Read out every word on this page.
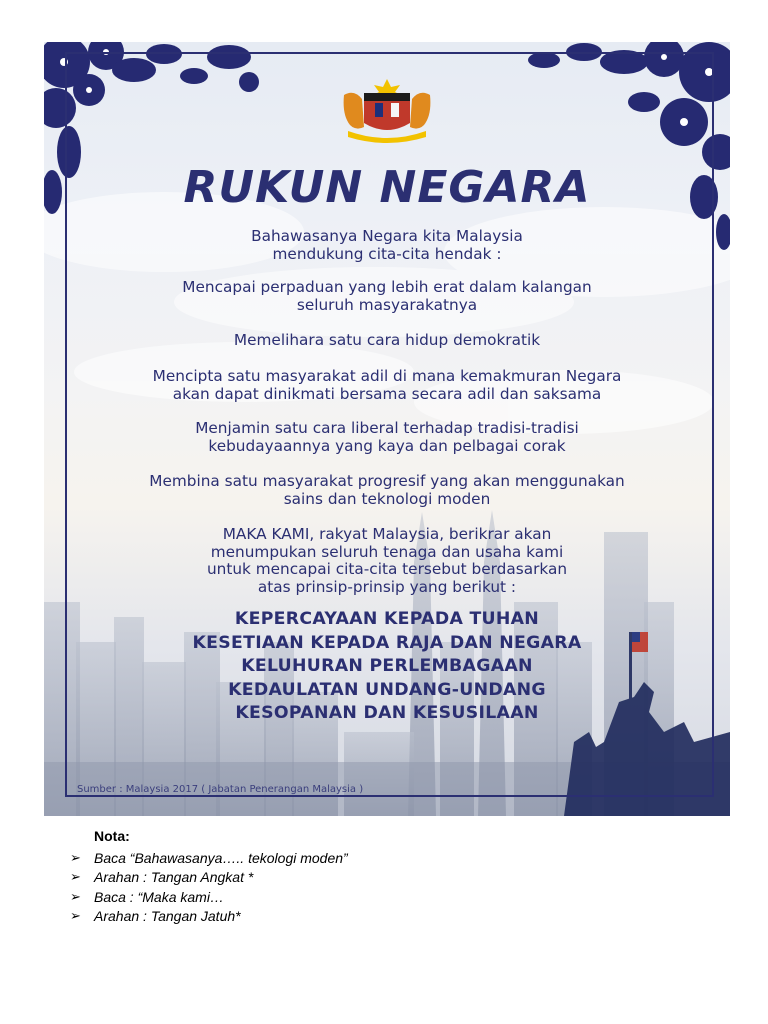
RUKUN NEGARA
Bahawasanya Negara kita Malaysia
mendukung cita-cita hendak :
Mencapai perpaduan yang lebih erat dalam kalangan
seluruh masyarakatnya
Memelihara satu cara hidup demokratik
Mencipta satu masyarakat adil di mana kemakmuran Negara
akan dapat dinikmati bersama secara adil dan saksama
Menjamin satu cara liberal terhadap tradisi-tradisi
kebudayaannya yang kaya dan pelbagai corak
Membina satu masyarakat progresif yang akan menggunakan
sains dan teknologi moden
MAKA KAMI, rakyat Malaysia, berikrar akan
menumpukan seluruh tenaga dan usaha kami
untuk mencapai cita-cita tersebut berdasarkan
atas prinsip-prinsip yang berikut :
KEPERCAYAAN KEPADA TUHAN
KESETIAAN KEPADA RAJA DAN NEGARA
KELUHURAN PERLEMBAGAAN
KEDAULATAN UNDANG-UNDANG
KESOPANAN DAN KESUSILAAN
Sumber : Malaysia 2017 ( Jabatan Penerangan Malaysia )
Nota:
➢ Baca “Bahawasanya….. tekologi moden”
➢ Arahan : Tangan Angkat *
➢ Baca : “Maka kami…
➢ Arahan : Tangan Jatuh*
